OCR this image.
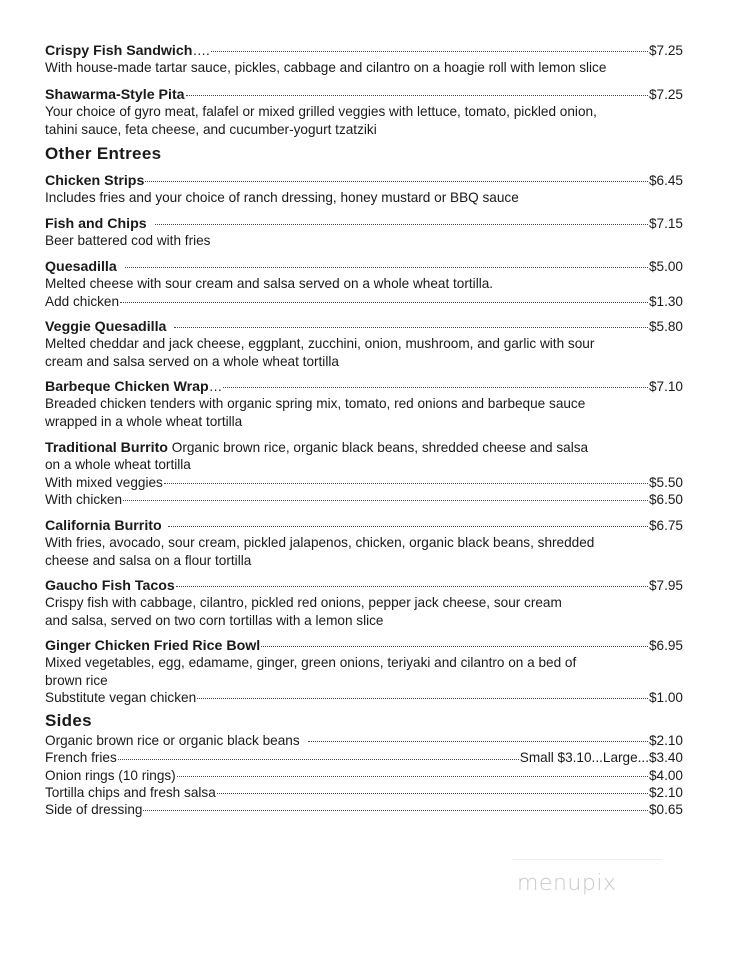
Crispy Fish Sandwich ….	$7.25
With house-made tartar sauce, pickles, cabbage and cilantro on a hoagie roll with lemon slice
Shawarma-Style Pita	$7.25
Your choice of gyro meat, falafel or mixed grilled veggies with lettuce, tomato, pickled onion,
tahini sauce, feta cheese, and cucumber-yogurt tzatziki
Other Entrees
Chicken Strips	$6.45
Includes fries and your choice of ranch dressing, honey mustard or BBQ sauce
Fish and Chips	$7.15
Beer battered cod with fries
Quesadilla	$5.00
Melted cheese with sour cream and salsa served on a whole wheat tortilla.
Add chicken	$1.30
Veggie Quesadilla	$5.80
Melted cheddar and jack cheese, eggplant, zucchini, onion, mushroom, and garlic with sour
cream and salsa served on a whole wheat tortilla
Barbeque Chicken Wrap …	$7.10
Breaded chicken tenders with organic spring mix, tomato, red onions and barbeque sauce
wrapped in a whole wheat tortilla
Traditional Burrito Organic brown rice, organic black beans, shredded cheese and salsa
on a whole wheat tortilla
With mixed veggies	$5.50
With chicken	$6.50
California Burrito	$6.75
With fries, avocado, sour cream, pickled jalapenos, chicken, organic black beans, shredded
cheese and salsa on a flour tortilla
Gaucho Fish Tacos	$7.95
Crispy fish with cabbage, cilantro, pickled red onions, pepper jack cheese, sour cream
and salsa, served on two corn tortillas with a lemon slice
Ginger Chicken Fried Rice Bowl	$6.95
Mixed vegetables, egg, edamame, ginger, green onions, teriyaki and cilantro on a bed of
brown rice
Substitute vegan chicken	$1.00
Sides
Organic brown rice or organic black beans	$2.10
French fries	Small $3.10...Large...$3.40
Onion rings (10 rings)	$4.00
Tortilla chips and fresh salsa	$2.10
Side of dressing	$0.65
menupix
